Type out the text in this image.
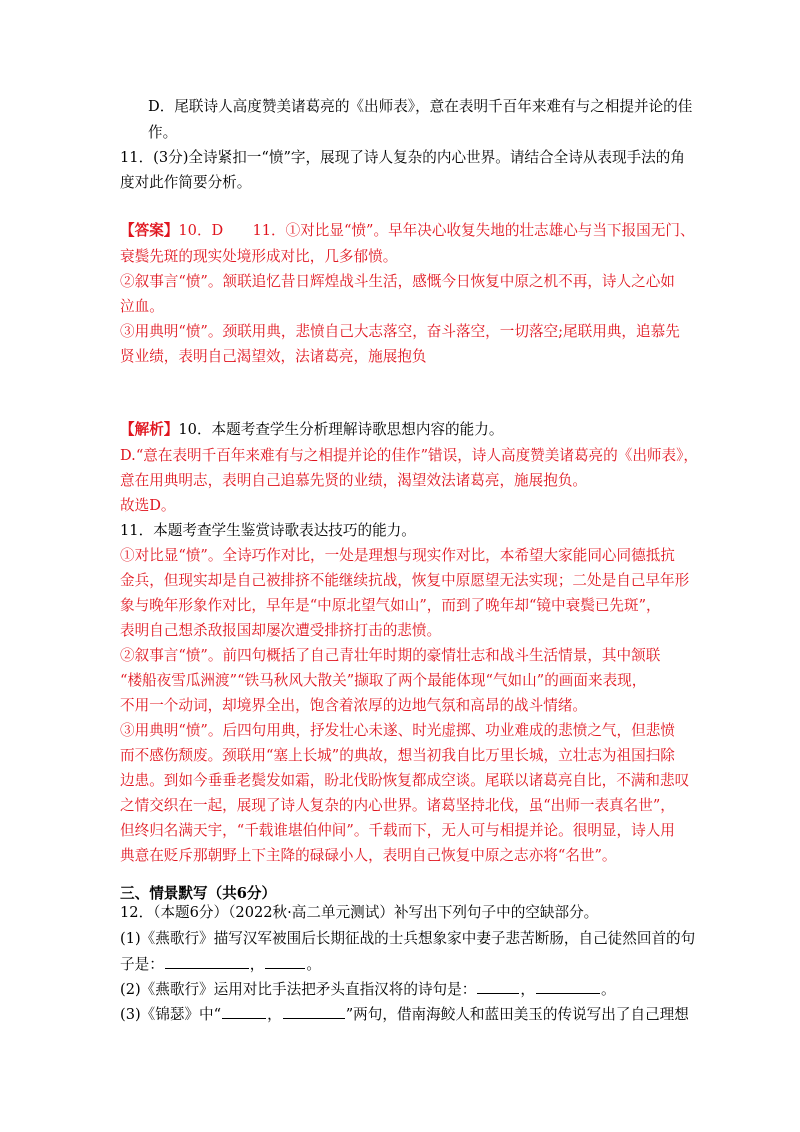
D．尾联诗人高度赞美诸葛亮的《出师表》，意在表明千百年来难有与之相提并论的佳
作。
11．(3分)全诗紧扣一“愤”字，展现了诗人复杂的内心世界。请结合全诗从表现手法的角
度对此作简要分析。
【答案】10．D　　11．①对比显“愤”。早年决心收复失地的壮志雄心与当下报国无门、
衰鬓先斑的现实处境形成对比，几多郁愤。
②叙事言“愤”。颔联追忆昔日辉煌战斗生活，感慨今日恢复中原之机不再，诗人之心如
泣血。
③用典明“愤”。颈联用典，悲愤自己大志落空，奋斗落空，一切落空;尾联用典，追慕先
贤业绩，表明自己渴望效，法诸葛亮，施展抱负
【解析】10．本题考查学生分析理解诗歌思想内容的能力。
D.“意在表明千百年来难有与之相提并论的佳作”错误，诗人高度赞美诸葛亮的《出师表》，
意在用典明志，表明自己追慕先贤的业绩，渴望效法诸葛亮，施展抱负。
故选D。
11．本题考查学生鉴赏诗歌表达技巧的能力。
①对比显“愤”。全诗巧作对比，一处是理想与现实作对比，本希望大家能同心同德抵抗
金兵，但现实却是自己被排挤不能继续抗战，恢复中原愿望无法实现；二处是自己早年形
象与晚年形象作对比，早年是“中原北望气如山”，而到了晚年却“镜中衰鬓已先斑”，
表明自己想杀敌报国却屡次遭受排挤打击的悲愤。
②叙事言“愤”。前四句概括了自己青壮年时期的豪情壮志和战斗生活情景，其中颔联
“楼船夜雪瓜洲渡”“铁马秋风大散关”撷取了两个最能体现“气如山”的画面来表现，
不用一个动词，却境界全出，饱含着浓厚的边地气氛和高昂的战斗情绪。
③用典明“愤”。后四句用典，抒发壮心未遂、时光虚掷、功业难成的悲愤之气，但悲愤
而不感伤颓废。颈联用“塞上长城”的典故，想当初我自比万里长城，立壮志为祖国扫除
边患。到如今垂垂老鬓发如霜，盼北伐盼恢复都成空谈。尾联以诸葛亮自比，不满和悲叹
之情交织在一起，展现了诗人复杂的内心世界。诸葛坚持北伐，虽“出师一表真名世”，
但终归名满天宇，“千载谁堪伯仲间”。千载而下，无人可与相提并论。很明显，诗人用
典意在贬斥那朝野上下主降的碌碌小人，表明自己恢复中原之志亦将“名世”。
三、情景默写（共6分）
12．（本题6分）（2022秋·高二单元测试）补写出下列句子中的空缺部分。
(1)《燕歌行》描写汉军被围后长期征战的士兵想象家中妻子悲苦断肠，自己徒然回首的句
子是：	，	。
(2)《燕歌行》运用对比手法把矛头直指汉将的诗句是：	，	。
(3)《锦瑟》中“	，	”两句，借南海鲛人和蓝田美玉的传说写出了自己理想
